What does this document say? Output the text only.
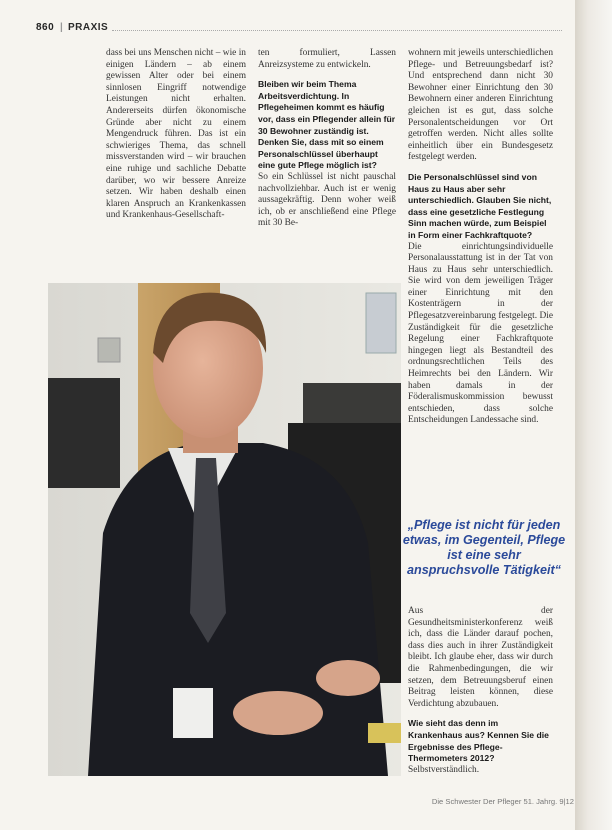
860 | PRAXIS

dass bei uns Menschen nicht – wie in einigen Ländern – ab einem gewissen Alter oder bei einem sinnlosen Eingriff notwendige Leistungen nicht erhalten. Andererseits dürfen ökonomische Gründe aber nicht zu einem Mengendruck führen. Das ist ein schwieriges Thema, das schnell missverstanden wird – wir brauchen eine ruhige und sachliche Debatte darüber, wo wir bessere Anreize setzen. Wir haben deshalb einen klaren Anspruch an Krankenkassen und Krankenhaus-Gesellschaft-

ten formuliert, Lassen Anreizsysteme zu entwickeln.

Bleiben wir beim Thema Arbeitsverdichtung. In Pflegeheimen kommt es häufig vor, dass ein Pflegender allein für 30 Bewohner zuständig ist. Denken Sie, dass mit so einem Personalschlüssel überhaupt eine gute Pflege möglich ist?

So ein Schlüssel ist nicht pauschal nachvollziehbar. Auch ist er wenig aussagekräftig. Denn woher weiß ich, ob er anschließend eine Pflege mit 30 Be-

wohnern mit jeweils unterschiedlichen Pflege- und Betreuungsbedarf ist? Und entsprechend dann nicht 30 Bewohner einer Einrichtung den 30 Bewohnern einer anderen Einrichtung gleichen ist es gut, dass solche Personalentscheidungen vor Ort getroffen werden. Nicht alles sollte einheitlich über ein Bundesgesetz festgelegt werden.

Die Personalschlüssel sind von Haus zu Haus aber sehr unterschiedlich. Glauben Sie nicht, dass eine gesetzliche Festlegung Sinn machen würde, zum Beispiel in Form einer Fachkraftquote?

Die einrichtungsindividuelle Personalausstattung ist in der Tat von Haus zu Haus sehr unterschiedlich. Sie wird von dem jeweiligen Träger einer Einrichtung mit den Kostenträgern in der Pflegesatzvereinbarung festgelegt. Die Zuständigkeit für die gesetzliche Regelung einer Fachkraftquote hingegen liegt als Bestandteil des ordnungsrechtlichen Teils des Heimrechts bei den Ländern. Wir haben damals in der Föderalismuskommission bewusst entschieden, dass solche Entscheidungen Landessache sind.

„Pflege ist nicht für jeden etwas, im Gegenteil, Pflege ist eine sehr anspruchsvolle Tätigkeit“

Aus der Gesundheitsministerkonferenz weiß ich, dass die Länder darauf pochen, dass dies auch in ihrer Zuständigkeit bleibt. Ich glaube eher, dass wir durch die Rahmenbedingungen, die wir setzen, dem Betreuungsberuf einen Beitrag leisten können, diese Verdichtung abzubauen.

Wie sieht das denn im Krankenhaus aus? Kennen Sie die Ergebnisse des Pflege-Thermometers 2012?

Selbstverständlich.

Die Schwester Der Pfleger 51. Jahrg. 9|12
